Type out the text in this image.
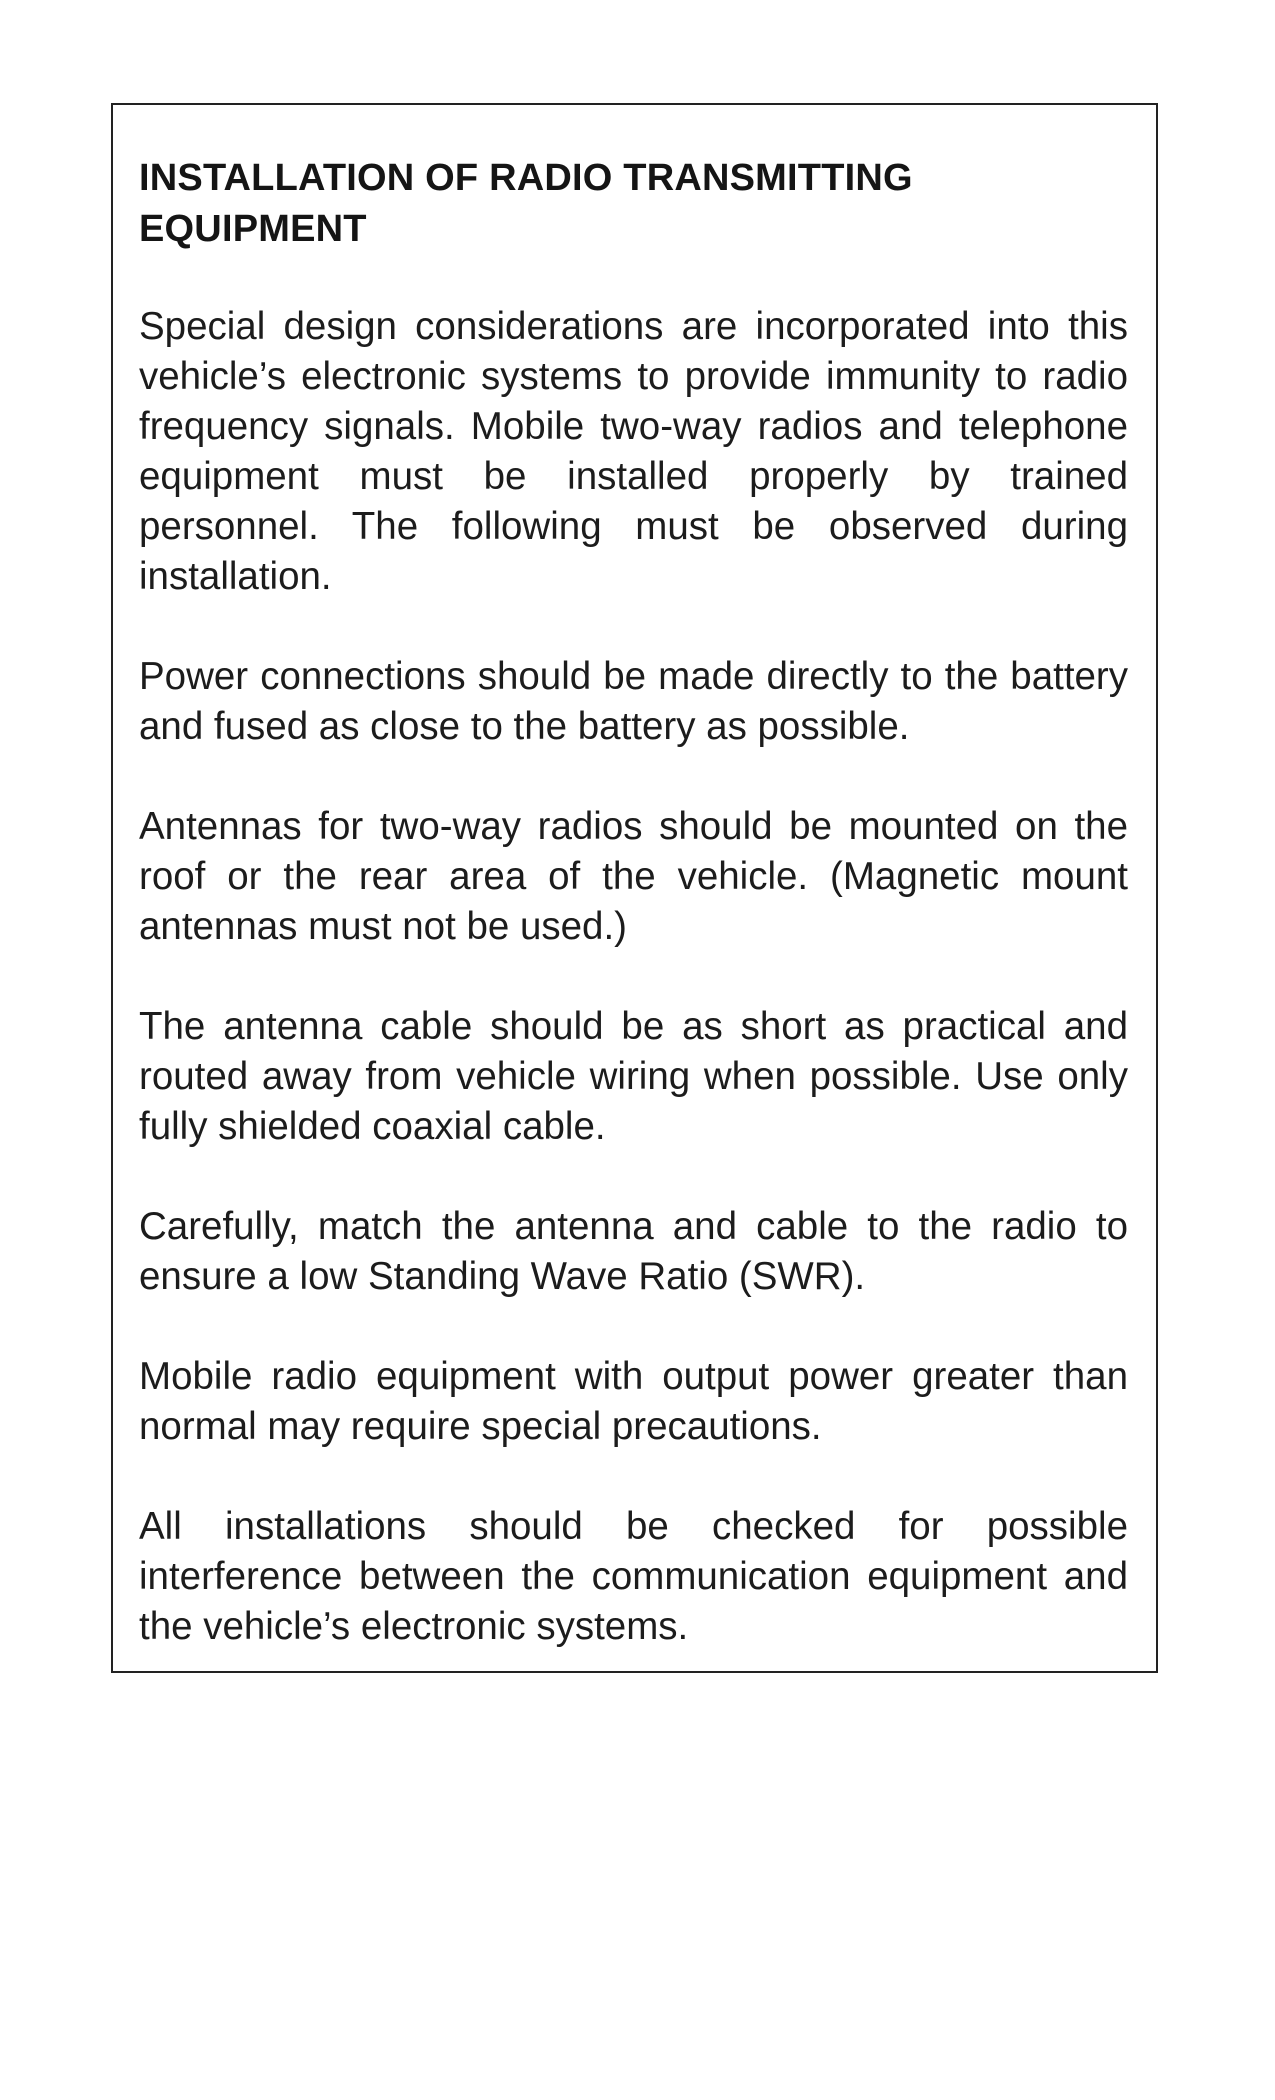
INSTALLATION OF RADIO TRANSMITTING EQUIPMENT

Special design considerations are incorporated into this vehicle’s electronic systems to provide immunity to radio frequency signals. Mobile two-way radios and telephone equipment must be installed properly by trained personnel. The following must be observed during installation.

Power connections should be made directly to the battery and fused as close to the battery as possible.

Antennas for two-way radios should be mounted on the roof or the rear area of the vehicle. (Magnetic mount antennas must not be used.)

The antenna cable should be as short as practical and routed away from vehicle wiring when possible. Use only fully shielded coaxial cable.

Carefully, match the antenna and cable to the radio to ensure a low Standing Wave Ratio (SWR).

Mobile radio equipment with output power greater than normal may require special precautions.

All installations should be checked for possible interference between the communication equipment and the vehicle’s electronic systems.
